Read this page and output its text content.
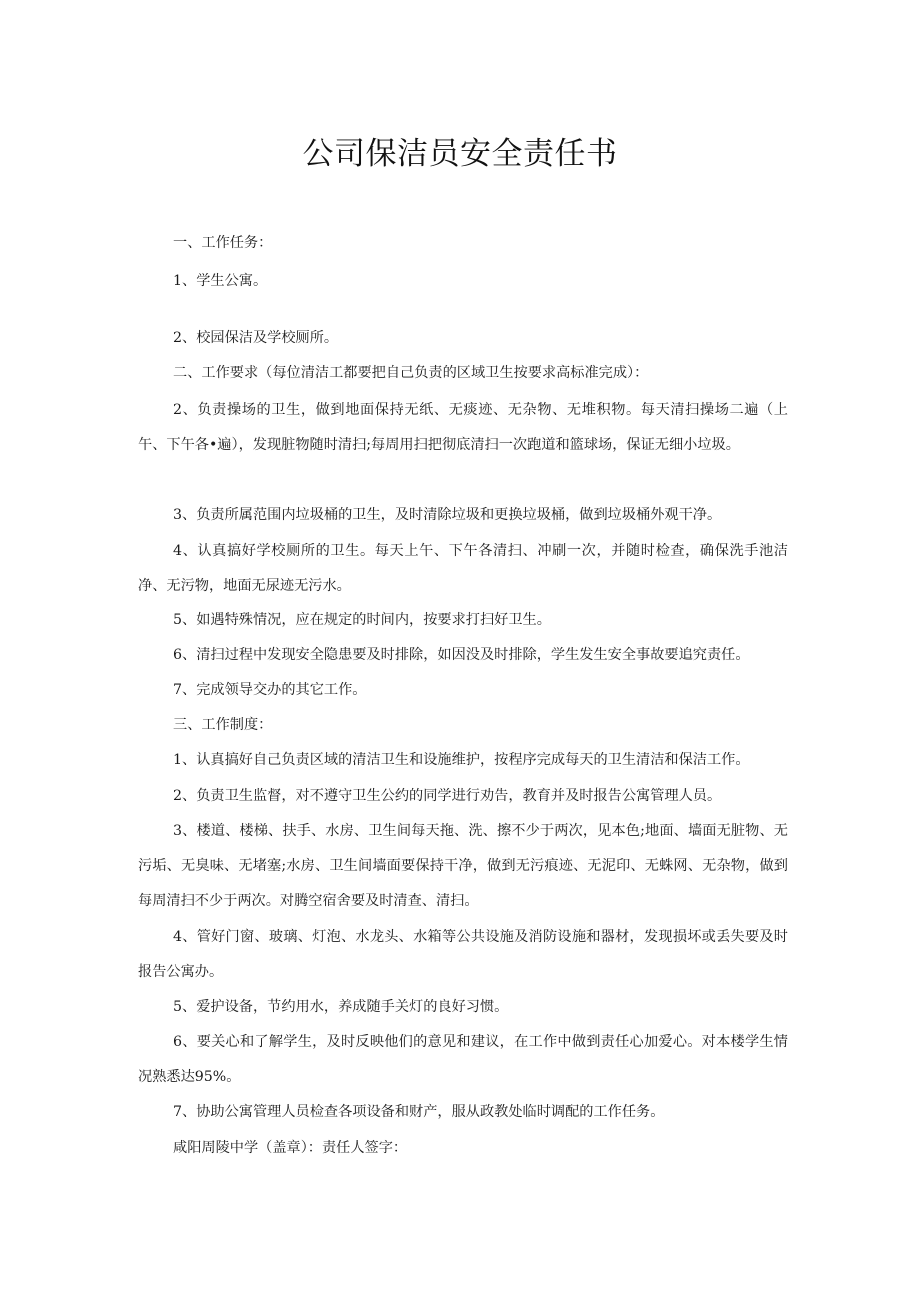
公司保洁员安全责任书
一、工作任务：
1、学生公寓。
2、校园保洁及学校厕所。
二、工作要求（每位清洁工都要把自己负责的区域卫生按要求高标准完成）：
2、负责操场的卫生，做到地面保持无纸、无痰迹、无杂物、无堆积物。每天清扫操场二遍（上午、下午各•遍），发现脏物随时清扫;每周用扫把彻底清扫一次跑道和篮球场，保证无细小垃圾。
3、负责所属范围内垃圾桶的卫生，及时清除垃圾和更换垃圾桶，做到垃圾桶外观干净。
4、认真搞好学校厕所的卫生。每天上午、下午各清扫、冲刷一次，并随时检查，确保洗手池洁净、无污物，地面无尿迹无污水。
5、如遇特殊情况，应在规定的时间内，按要求打扫好卫生。
6、清扫过程中发现安全隐患要及时排除，如因没及时排除，学生发生安全事故要追究责任。
7、完成领导交办的其它工作。
三、工作制度：
1、认真搞好自己负责区域的清洁卫生和设施维护，按程序完成每天的卫生清洁和保洁工作。
2、负责卫生监督，对不遵守卫生公约的同学进行劝告，教育并及时报告公寓管理人员。
3、楼道、楼梯、扶手、水房、卫生间每天拖、洗、擦不少于两次，见本色;地面、墙面无脏物、无污垢、无臭味、无堵塞;水房、卫生间墙面要保持干净，做到无污痕迹、无泥印、无蛛网、无杂物，做到每周清扫不少于两次。对腾空宿舍要及时清查、清扫。
4、管好门窗、玻璃、灯泡、水龙头、水箱等公共设施及消防设施和器材，发现损坏或丢失要及时报告公寓办。
5、爱护设备，节约用水，养成随手关灯的良好习惯。
6、要关心和了解学生，及时反映他们的意见和建议，在工作中做到责任心加爱心。对本楼学生情况熟悉达95%。
7、协助公寓管理人员检查各项设备和财产，服从政教处临时调配的工作任务。
咸阳周陵中学（盖章）：责任人签字：
